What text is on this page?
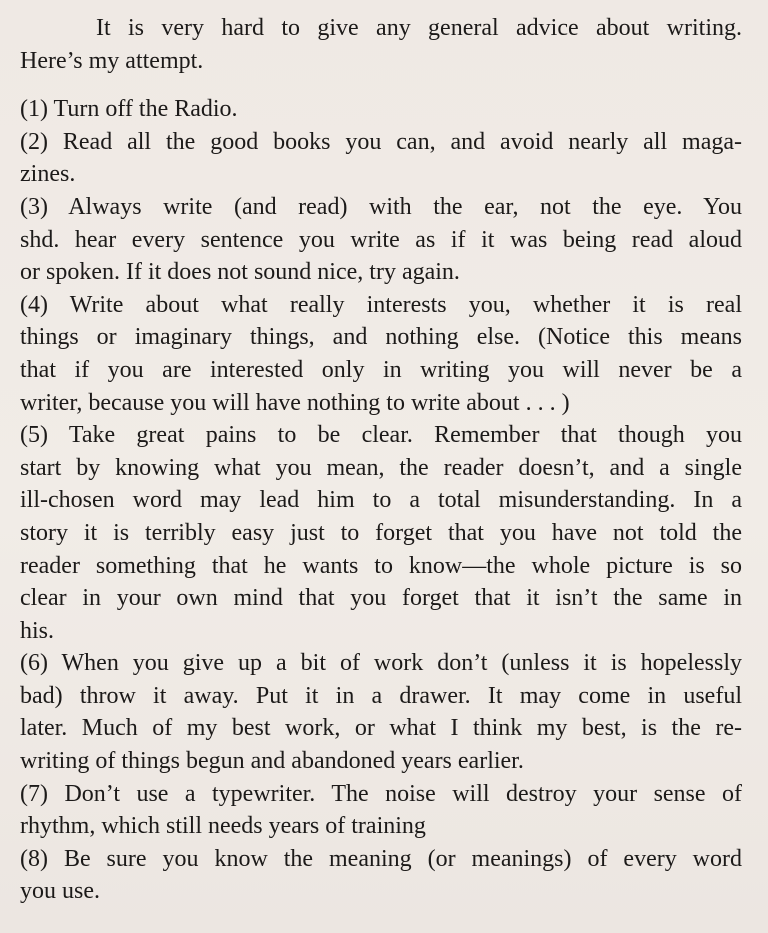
It is very hard to give any general advice about writing.
Here’s my attempt.
(1) Turn off the Radio.
(2) Read all the good books you can, and avoid nearly all maga-
zines.
(3) Always write (and read) with the ear, not the eye. You
shd. hear every sentence you write as if it was being read aloud
or spoken. If it does not sound nice, try again.
(4) Write about what really interests you, whether it is real
things or imaginary things, and nothing else. (Notice this means
that if you are interested only in writing you will never be a
writer, because you will have nothing to write about . . . )
(5) Take great pains to be clear. Remember that though you
start by knowing what you mean, the reader doesn’t, and a single
ill-chosen word may lead him to a total misunderstanding. In a
story it is terribly easy just to forget that you have not told the
reader something that he wants to know—the whole picture is so
clear in your own mind that you forget that it isn’t the same in
his.
(6) When you give up a bit of work don’t (unless it is hopelessly
bad) throw it away. Put it in a drawer. It may come in useful
later. Much of my best work, or what I think my best, is the re-
writing of things begun and abandoned years earlier.
(7) Don’t use a typewriter. The noise will destroy your sense of
rhythm, which still needs years of training
(8) Be sure you know the meaning (or meanings) of every word
you use.
